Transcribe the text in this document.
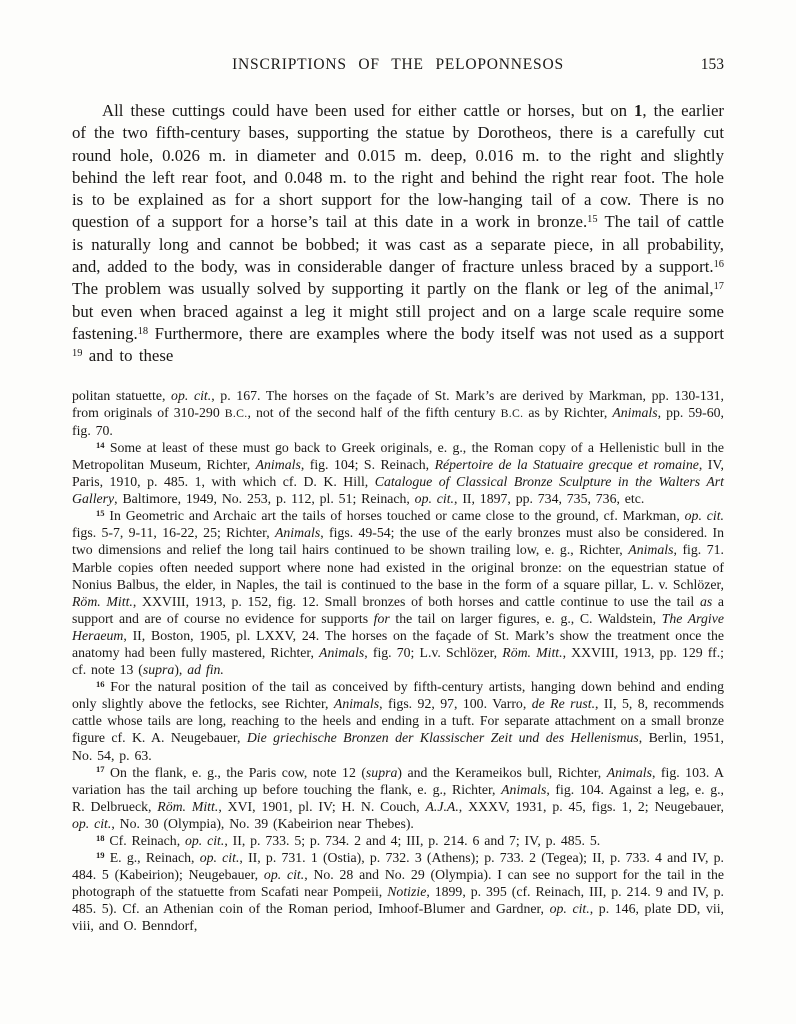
INSCRIPTIONS OF THE PELOPONNESOS	153

All these cuttings could have been used for either cattle or horses, but on 1, the earlier of the two fifth-century bases, supporting the statue by Dorotheos, there is a carefully cut round hole, 0.026 m. in diameter and 0.015 m. deep, 0.016 m. to the right and slightly behind the left rear foot, and 0.048 m. to the right and behind the right rear foot. The hole is to be explained as for a short support for the low-hanging tail of a cow. There is no question of a support for a horse’s tail at this date in a work in bronze.$^{15}$ The tail of cattle is naturally long and cannot be bobbed; it was cast as a separate piece, in all probability, and, added to the body, was in considerable danger of fracture unless braced by a support.$^{16}$ The problem was usually solved by supporting it partly on the flank or leg of the animal,$^{17}$ but even when braced against a leg it might still project and on a large scale require some fastening.$^{18}$ Furthermore, there are examples where the body itself was not used as a support $^{19}$ and to these

politan statuette, op. cit., p. 167. The horses on the façade of St. Mark’s are derived by Markman, pp. 130-131, from originals of 310-290 B.C., not of the second half of the fifth century B.C. as by Richter, Animals, pp. 59-60, fig. 70.

$^{14}$ Some at least of these must go back to Greek originals, e. g., the Roman copy of a Hellenistic bull in the Metropolitan Museum, Richter, Animals, fig. 104; S. Reinach, Répertoire de la Statuaire grecque et romaine, IV, Paris, 1910, p. 485. 1, with which cf. D. K. Hill, Catalogue of Classical Bronze Sculpture in the Walters Art Gallery, Baltimore, 1949, No. 253, p. 112, pl. 51; Reinach, op. cit., II, 1897, pp. 734, 735, 736, etc.

$^{15}$ In Geometric and Archaic art the tails of horses touched or came close to the ground, cf. Markman, op. cit. figs. 5-7, 9-11, 16-22, 25; Richter, Animals, figs. 49-54; the use of the early bronzes must also be considered. In two dimensions and relief the long tail hairs continued to be shown trailing low, e. g., Richter, Animals, fig. 71. Marble copies often needed support where none had existed in the original bronze: on the equestrian statue of Nonius Balbus, the elder, in Naples, the tail is continued to the base in the form of a square pillar, L. v. Schlözer, Röm. Mitt., XXVIII, 1913, p. 152, fig. 12. Small bronzes of both horses and cattle continue to use the tail as a support and are of course no evidence for supports for the tail on larger figures, e. g., C. Waldstein, The Argive Heraeum, II, Boston, 1905, pl. LXXV, 24. The horses on the façade of St. Mark’s show the treatment once the anatomy had been fully mastered, Richter, Animals, fig. 70; L.v. Schlözer, Röm. Mitt., XXVIII, 1913, pp. 129 ff.; cf. note 13 (supra), ad fin.

$^{16}$ For the natural position of the tail as conceived by fifth-century artists, hanging down behind and ending only slightly above the fetlocks, see Richter, Animals, figs. 92, 97, 100. Varro, de Re rust., II, 5, 8, recommends cattle whose tails are long, reaching to the heels and ending in a tuft. For separate attachment on a small bronze figure cf. K. A. Neugebauer, Die griechische Bronzen der Klassischer Zeit und des Hellenismus, Berlin, 1951, No. 54, p. 63.

$^{17}$ On the flank, e. g., the Paris cow, note 12 (supra) and the Kerameikos bull, Richter, Animals, fig. 103. A variation has the tail arching up before touching the flank, e. g., Richter, Animals, fig. 104. Against a leg, e. g., R. Delbrueck, Röm. Mitt., XVI, 1901, pl. IV; H. N. Couch, A.J.A., XXXV, 1931, p. 45, figs. 1, 2; Neugebauer, op. cit., No. 30 (Olympia), No. 39 (Kabeirion near Thebes).

$^{18}$ Cf. Reinach, op. cit., II, p. 733. 5; p. 734. 2 and 4; III, p. 214. 6 and 7; IV, p. 485. 5.

$^{19}$ E. g., Reinach, op. cit., II, p. 731. 1 (Ostia), p. 732. 3 (Athens); p. 733. 2 (Tegea); II, p. 733. 4 and IV, p. 484. 5 (Kabeirion); Neugebauer, op. cit., No. 28 and No. 29 (Olympia). I can see no support for the tail in the photograph of the statuette from Scafati near Pompeii, Notizie, 1899, p. 395 (cf. Reinach, III, p. 214. 9 and IV, p. 485. 5). Cf. an Athenian coin of the Roman period, Imhoof-Blumer and Gardner, op. cit., p. 146, plate DD, vii, viii, and O. Benndorf,
